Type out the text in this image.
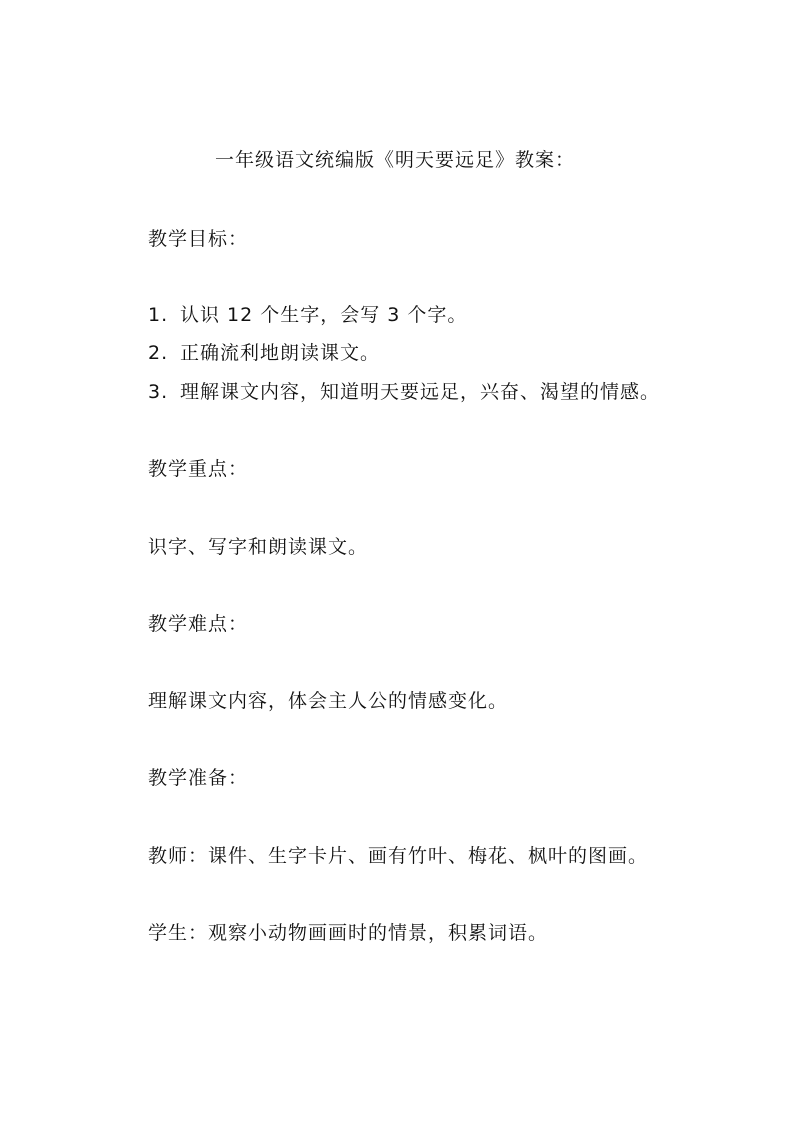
一年级语文统编版《明天要远足》教案：
教学目标：
1. 认识 12 个生字，会写 3 个字。
2. 正确流利地朗读课文。
3. 理解课文内容，知道明天要远足，兴奋、渴望的情感。
教学重点：
识字、写字和朗读课文。
教学难点：
理解课文内容，体会主人公的情感变化。
教学准备：
教师：课件、生字卡片、画有竹叶、梅花、枫叶的图画。
学生：观察小动物画画时的情景，积累词语。
